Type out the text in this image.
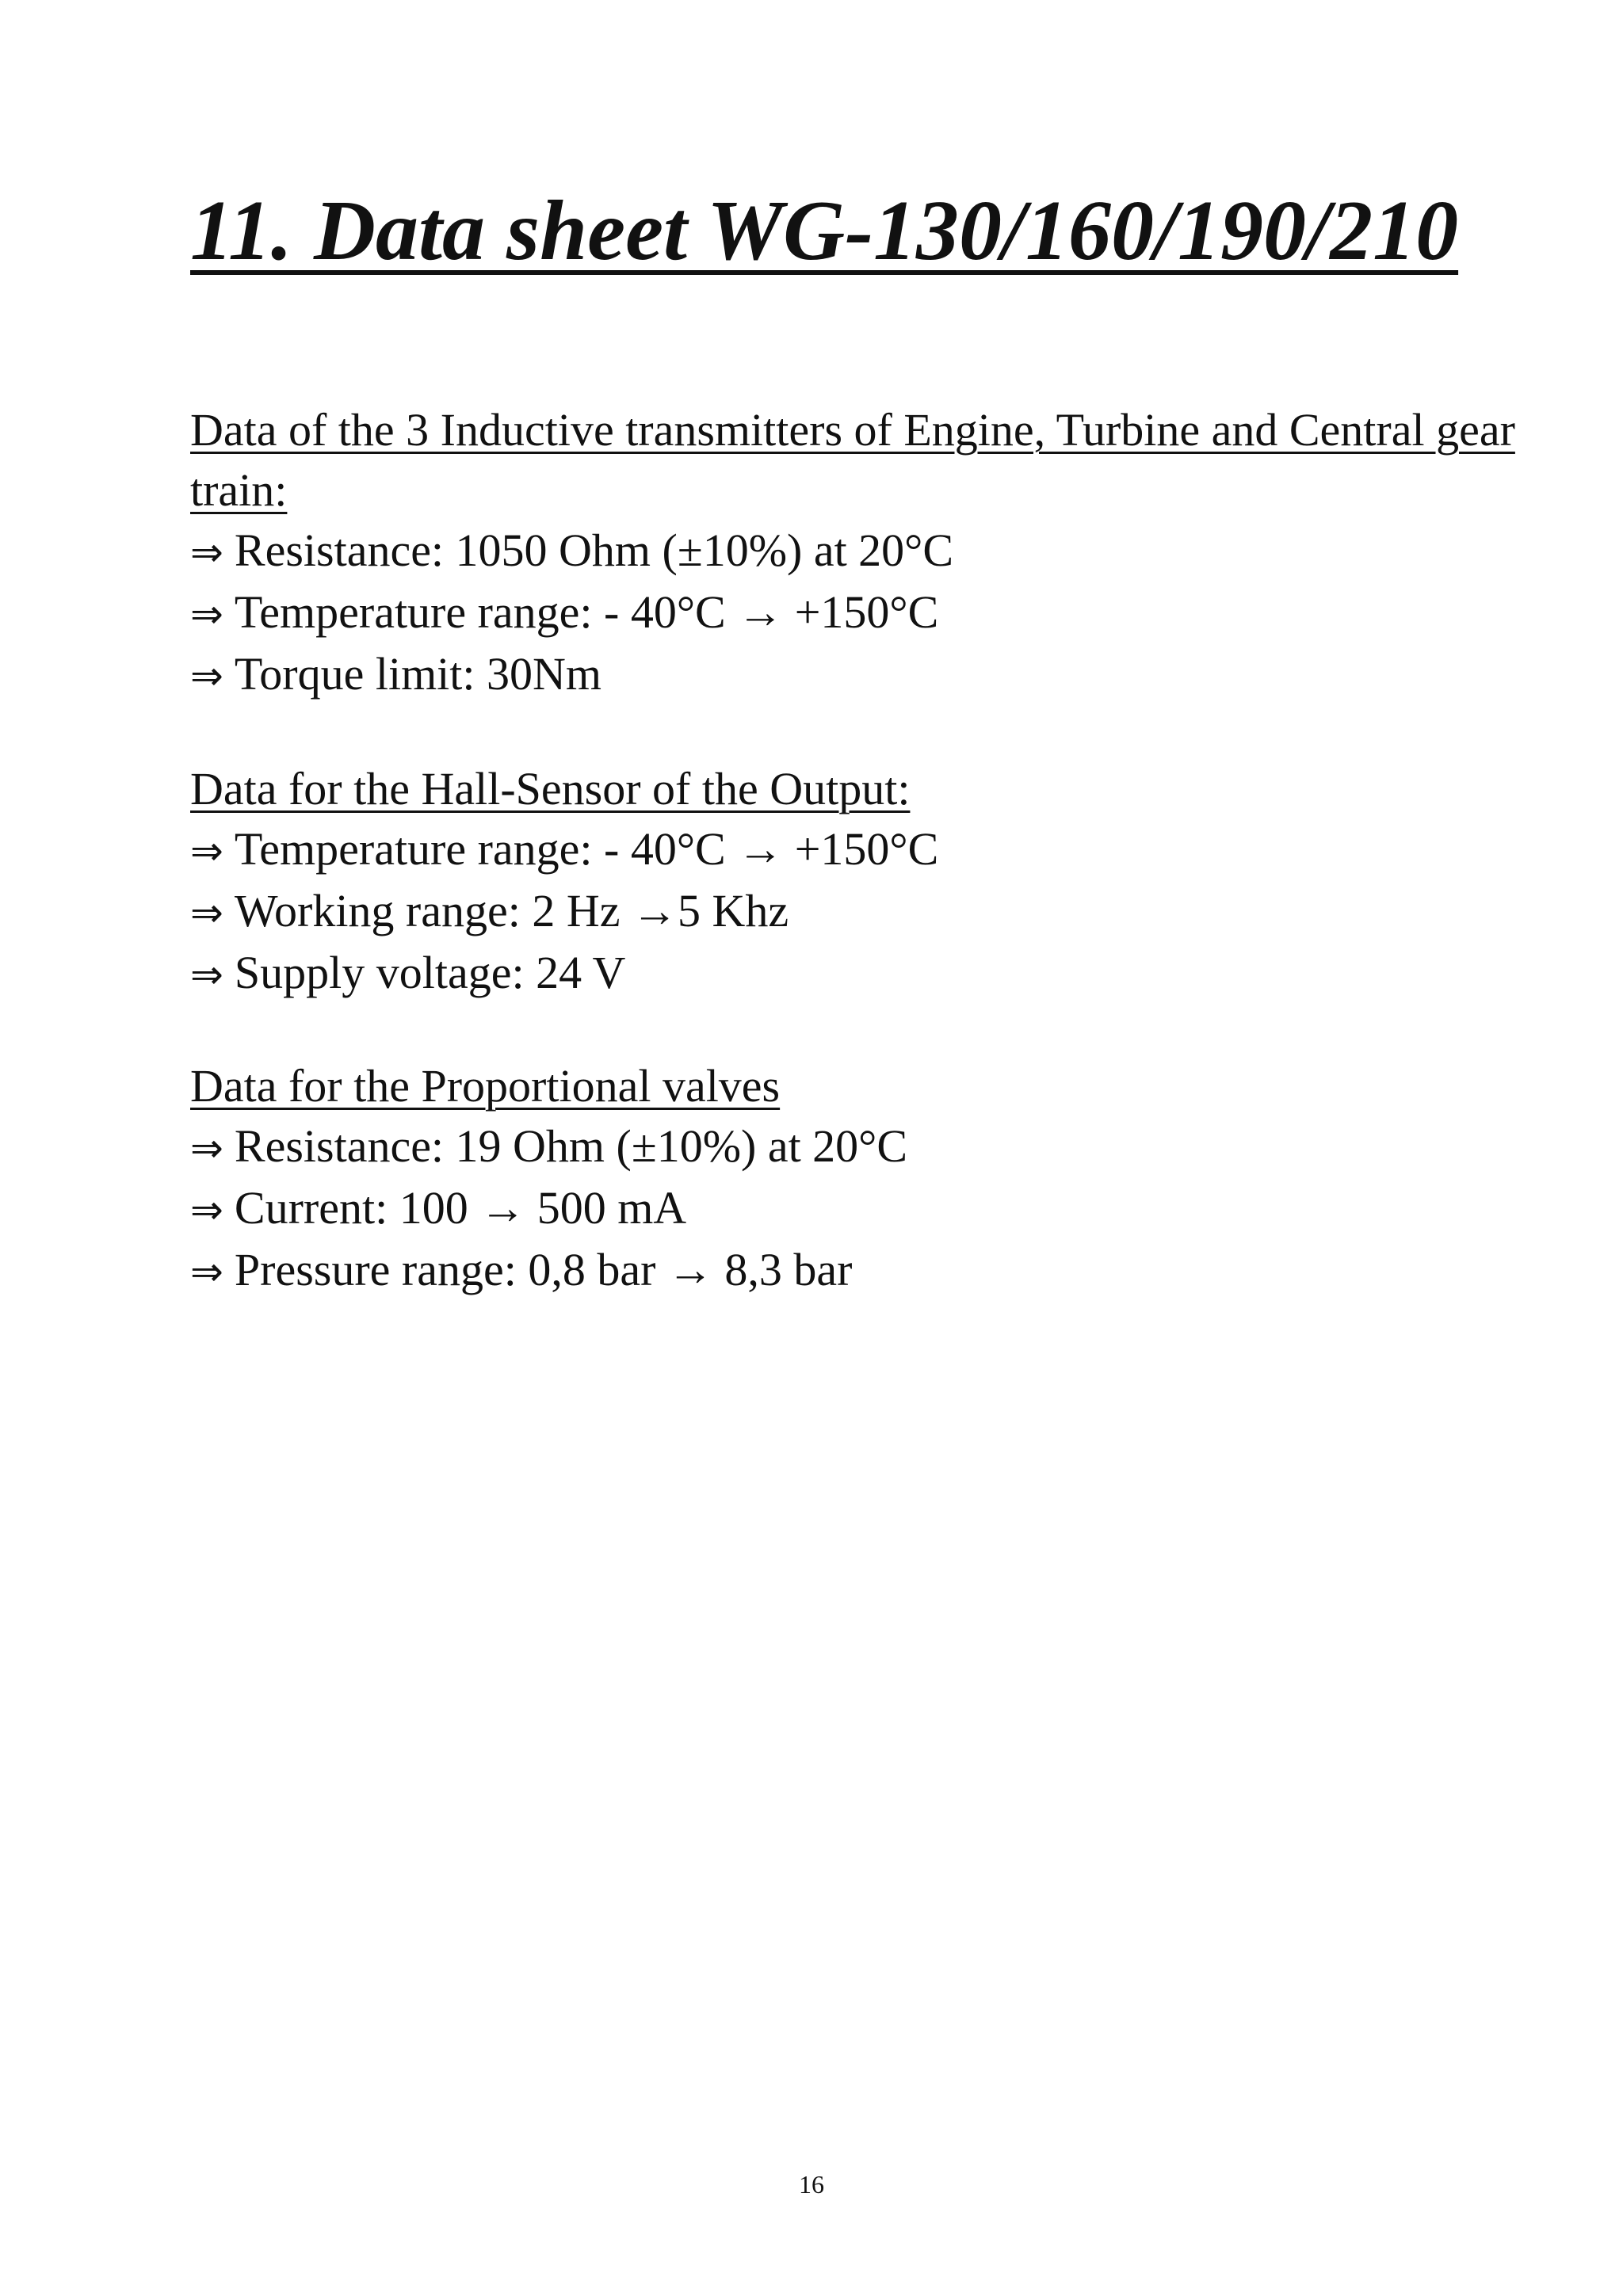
11. Data sheet WG-130/160/190/210

Data of the 3 Inductive transmitters of Engine, Turbine and Central gear train:

⇒ Resistance: 1050 Ohm (±10%) at 20°C

⇒ Temperature range: - 40°C → +150°C

⇒ Torque limit: 30Nm

Data for the Hall-Sensor of the Output:

⇒ Temperature range: - 40°C → +150°C

⇒ Working range: 2 Hz →5 Khz

⇒ Supply voltage: 24 V

Data for the Proportional valves

⇒ Resistance: 19 Ohm (±10%) at 20°C

⇒ Current: 100 → 500 mA

⇒ Pressure range: 0,8 bar → 8,3 bar

16
